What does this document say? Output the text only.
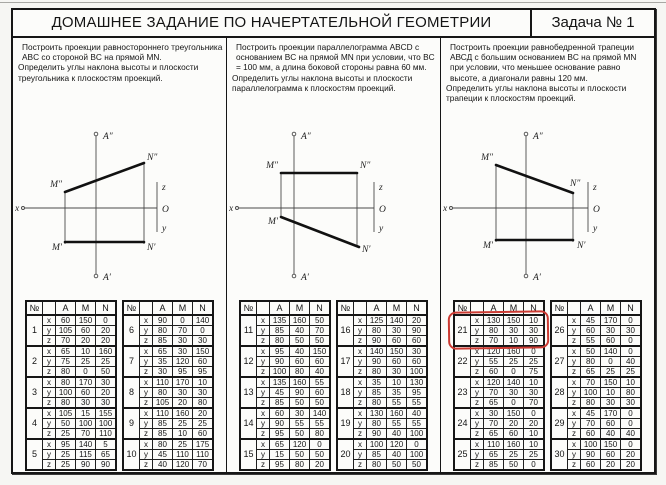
ДОМАШНЕЕ ЗАДАНИЕ ПО НАЧЕРТАТЕЛЬНОЙ ГЕОМЕТРИИ	Задача № 1

Построить проекции равностороннего треугольника ABC со стороной BC на прямой MN.

Определить углы наклона высоты и плоскости треугольника к плоскостям проекций.

A″
A′
M″
N″
M′	N′
x
z
O
y
№		A	M	N
1	x	60	150	0
	y	105	60	20
	z	70	20	20
2	x	65	10	160
	y	75	25	25
	z	80	0	50
3	x	80	170	30
	y	100	60	20
	z	80	30	30
4	x	105	15	155
	y	50	100	100
	z	25	70	110
5	x	95	140	5
	y	25	115	65
	z	25	90	90
№		A	M	N
6	x	90	0	140
	y	80	70	0
	z	85	30	30
7	x	65	30	150
	y	35	120	60
	z	30	95	95
8	x	110	170	10
	y	80	30	30
	z	105	20	80
9	x	110	160	20
	y	85	25	25
	z	85	10	60
10	x	80	25	175
	y	45	110	110
	z	40	120	70

Построить проекции параллелограмма ABCD с основанием BC на прямой MN при условии, что BC = 100 мм, а длина боковой стороны равна 60 мм.

Определить углы наклона высоты и плоскости параллелограмма к плоскостям проекций.

A″
A′
M″	N″
M′
N′
x
z
O
y
№		A	M	N
11	x	135	160	50
	y	85	40	70
	z	80	50	50
12	x	95	40	150
	y	90	60	60
	z	100	80	40
13	x	135	160	55
	y	45	90	60
	z	85	50	50
14	x	60	30	140
	y	90	55	55
	z	95	50	80
15	x	65	120	0
	y	15	50	50
	z	95	80	20
№		A	M	N
16	x	125	140	20
	y	80	30	90
	z	90	60	60
17	x	140	150	30
	y	90	60	60
	z	80	30	100
18	x	35	10	130
	y	85	35	95
	z	80	55	55
19	x	130	160	40
	y	80	55	55
	z	90	40	100
20	x	100	120	0
	y	85	40	100
	z	80	50	50

Построить проекции равнобедренной трапеции АВСД с большим основанием BC на прямой MN при условии, что меньшее основание равно высоте, а диагонали равны 120 мм.

Определить углы наклона высоты и плоскости трапеции к плоскостям проекций.

A″
A′
M″
N″
M′	N′
x
z
O
y
№		A	M	N
21	x	130	150	10
	y	80	30	30
	z	70	10	90
22	x	120	160	0
	y	55	25	25
	z	60	0	75
23	x	120	140	10
	y	70	30	30
	z	65	0	70
24	x	30	150	0
	y	70	20	20
	z	65	60	10
25	x	110	160	10
	y	65	25	25
	z	85	50	0
№		A	M	N
26	x	45	170	0
	y	60	30	30
	z	55	60	0
27	x	50	140	0
	y	80	0	40
	z	65	25	25
28	x	70	150	10
	y	100	10	80
	z	80	30	30
29	x	45	170	0
	y	70	60	0
	z	60	40	40
30	x	100	150	0
	y	90	60	20
	z	60	20	20
